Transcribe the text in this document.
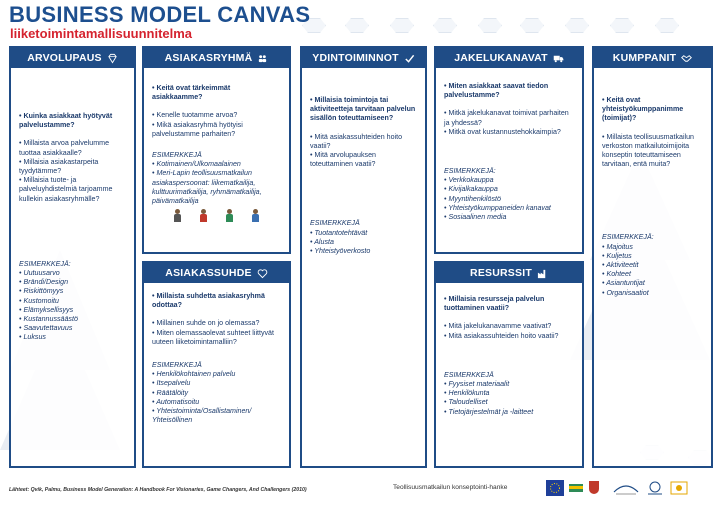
BUSINESS MODEL CANVAS
liiketoimintamallisuunnitelma
ARVOLUPAUS

• Kuinka asiakkaat hyötyvät palvelustamme?

• Millaista arvoa palvelumme tuottaa asiakkaalle?

• Millaisia asiakastarpeita tyydytämme?

• Millaisia tuote- ja palveluyhdistelmiä tarjoamme kullekin asiakasryhmälle?

ESIMERKKEJÄ:

• Uutuusarvo

• Brändi/Design

• Riskittömyys

• Kustomoitu

• Elämyksellisyys

• Kustannussäästö

• Saavutettavuus

• Luksus

ASIAKASRYHMÄ

• Keitä ovat tärkeimmät asiakkaamme?

• Kenelle tuotamme arvoa?

• Mikä asiakasryhmä hyötyisi palvelustamme parhaiten?

ESIMERKKEJÄ

• Kotimainen/Ulkomaalainen

• Meri-Lapin teollisuusmatkailun asiakaspersoonat: liikematkailija, kulttuurimatkailija, ryhmämatkailija, päivämatkailija

ASIAKASSUHDE

• Millaista suhdetta asiakasryhmä odottaa?

• Millainen suhde on jo olemassa?

• Miten olemassaolevat suhteet liittyvät uuteen liiketoimintamalliin?

ESIMERKKEJÄ

• Henkilökohtainen palvelu

• Itsepalvelu

• Räätälöity

• Automatisoitu

• Yhteistoiminta/Osallistaminen/ Yhteisöllinen

YDINTOIMINNOT

• Millaisia toimintoja tai aktiviteetteja tarvitaan palvelun sisällön toteuttamiseen?

• Mitä asiakassuhteiden hoito vaatii?

• Mitä arvolupauksen toteuttaminen vaatii?

ESIMERKKEJÄ

• Tuotantotehtävät

• Alusta

• Yhteistyöverkosto

JAKELUKANAVAT

• Miten asiakkaat saavat tiedon palvelustamme?

• Mitkä jakelukanavat toimivat parhaiten ja yhdessä?

• Mitkä ovat kustannustehokkaimpia?

ESIMERKKEJÄ:

• Verkkokauppa

• Kivijalkakauppa

• Myyntihenkilöstö

• Yhteistyökumppaneiden kanavat

• Sosiaalinen media

RESURSSIT

• Millaisia resursseja palvelun tuottaminen vaatii?

• Mitä jakelukanavamme vaativat?

• Mitä asiakassuhteiden hoito vaatii?

ESIMERKKEJÄ

• Fyysiset materiaalit

• Henkilökunta

• Taloudelliset

• Tietojärjestelmät ja -laitteet

KUMPPANIT

• Keitä ovat yhteistyökumppanimme (toimijat)?

• Millaista teollisuusmatkailun verkoston matkailutoimijoita konseptin toteuttamiseen tarvitaan, entä muita?

ESIMERKKEJÄ:

• Majoitus

• Kuljetus

• Aktiviteetit

• Kohteet

• Asiantuntijat

• Organisaatiot

Lähteet: Qvik, Palmu, Business Model Generation: A Handbook For Visionaries, Game Changers, And Challengers (2010)	Teollisuusmatkailun konseptointi-hanke
